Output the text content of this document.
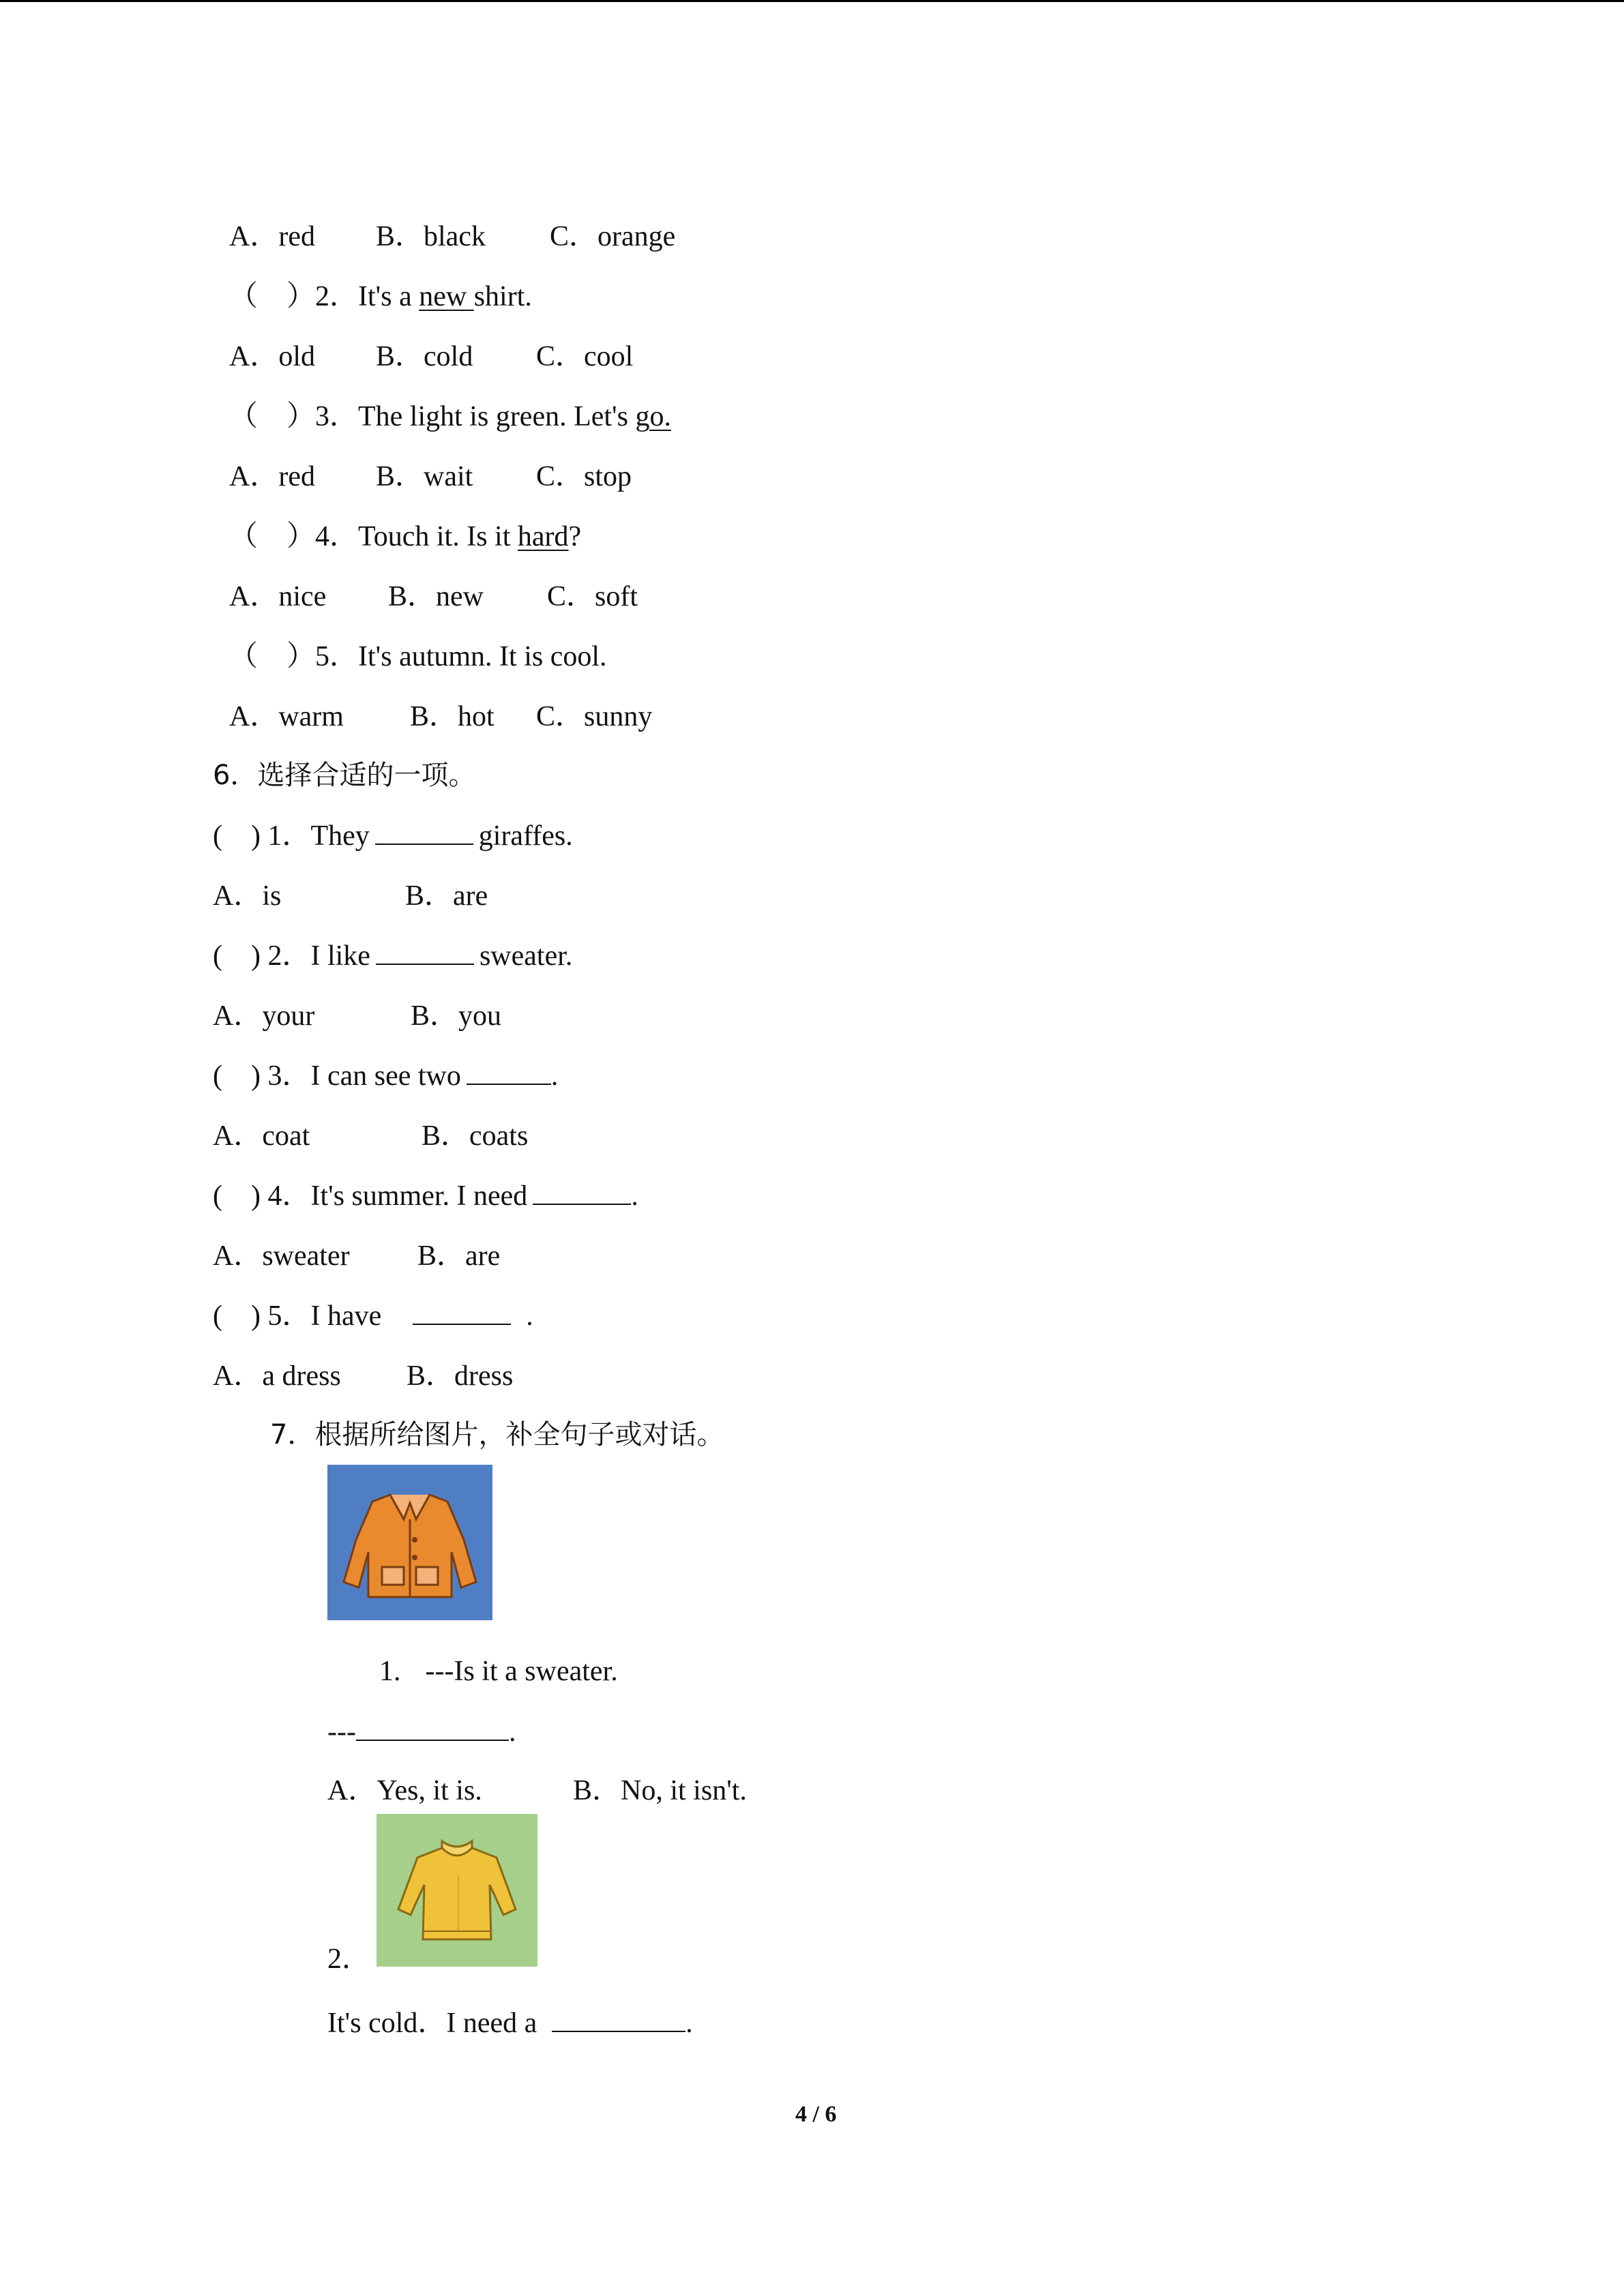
A．red

B．black

C．orange

（　）2．It's a new shirt.

A．old

B．cold

C．cool

（　）3．The light is green. Let's go.

A．red

B．wait

C．stop

（　）4．Touch it. Is it hard?

A．nice

B．new

C．soft

（　）5．It's autumn. It is cool.

A．warm

B．hot

C．sunny

6．选择合适的一项。
(    ) 1．They	giraffes.

A．is

	B．are

(    ) 2．I like	sweater.

A．your

	B．you

(    ) 3．I can see two	.

A．coat

	B．coats

(    ) 4．It's summer. I need	.

A．sweater

B．are

(    ) 5．I have	.

A．a dress

B．dress

7．根据所给图片，补全句子或对话。
1. ---Is it a sweater.
---	.

A．Yes, it is.

	B．No, it isn't.

2．
It's cold．I need a	.
4 / 6
